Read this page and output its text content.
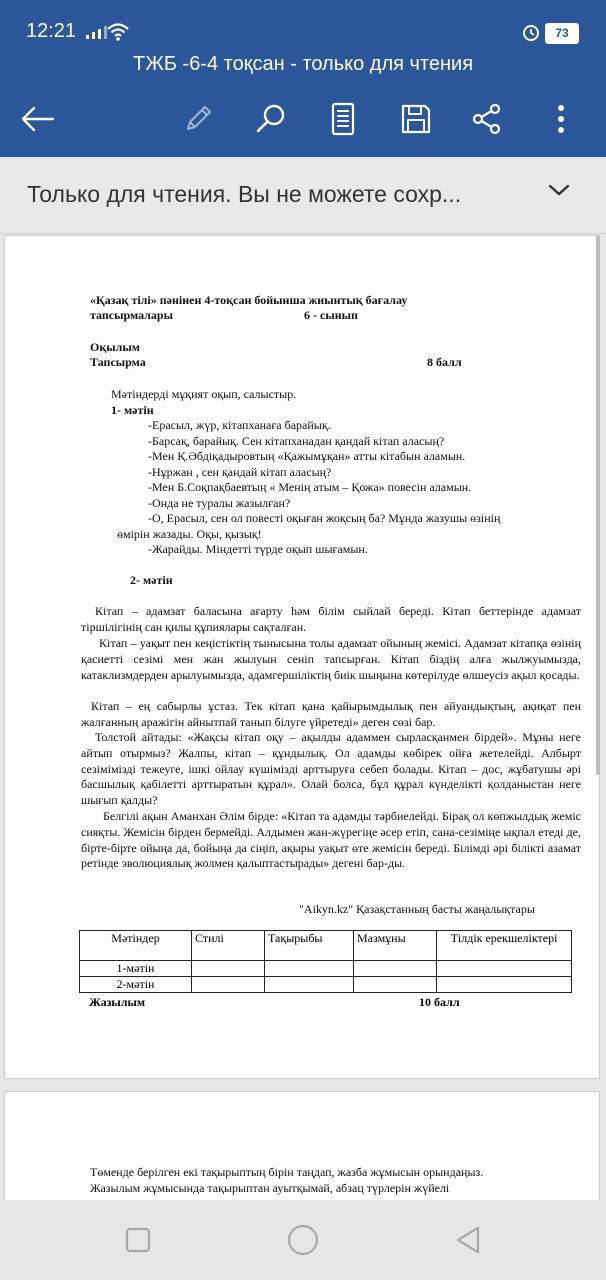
12:21	73
ТЖБ -6-4 тоқсан - только для чтения
Только для чтения. Вы не можете сохр...
«Қазақ тілі» пәнінен 4-тоқсан бойынша жиынтық бағалау
тапсырмалары	6 - сынып
Оқылым
Тапсырма	8 балл
Мәтіндерді мұқият оқып, салыстыр.
1- мәтін
-Ерасыл, жүр, кітапханаға барайық.
-Барсақ, барайық. Сен кітапханадан қандай кітап аласың?
-Мен Қ.Әбдіқадыровтың «Қажымұқан» атты кітабын аламын.
-Нұржан , сен қандай кітап аласың?
-Мен Б.Соқпақбаевтың « Менің атым – Қожа» повесін аламын.
-Онда не туралы жазылған?
-О, Ерасыл, сен ол повесті оқыған жоқсың ба? Мұнда жазушы өзінің
өмірін жазады. Оқы, қызық!
-Жарайды. Міндетті түрде оқып шығамын.
2- мәтін
Кітап – адамзат баласына ағарту һәм білім сыйлай береді. Кітап беттерінде адамзат тіршілігінің сан қилы құпиялары сақталған.
Кітап – уақыт пен кеңістіктің тынысына толы адамзат ойының жемісі. Адамзат кітапқа өзінің қасиетті сезімі мен жан жылуын сеніп тапсырған. Кітап біздің алға жылжуымызда, катаклизмдерден арылуымызда, адамгершіліктің биік шыңына көтерілуде өлшеусіз ақыл қосады.
Кітап – ең сабырлы ұстаз. Тек кітап қана қайырымдылық пен айуандықтың, ақиқат пен жалғанның аражігін айнытпай танып білуге үйретеді» деген сөзі бар.
Толстой айтады: «Жақсы кітап оқу – ақылды адаммен сырласқанмен бірдей». Мұны неге айтып отырмыз? Жалпы, кітап – құндылық. Ол адамды көбірек ойға жетелейді. Албырт сезімімізді тежеуге, ішкі ойлау күшімізді арттыруға себеп болады. Кітап – дос, жұбатушы әрі басшылық қабілетті арттыратын құрал». Олай болса, бұл құрал күнделікті қолданыстан неге шығып қалды?
Белгілі ақын Аманхан Әлім бірде: «Кітап та адамды тәрбиелейді. Бірақ ол көпжылдық жеміс сияқты. Жемісін бірден бермейді. Алдымен жан-жүрегіңе әсер етіп, сана-сезіміңе ықпал етеді де, біртe-біртe ойыңа да, бойыңа да сіңіп, ақыры уақыт өте жемісін береді. Білімді әрі білікті азамат ретінде эволюциялық жолмен қалыптастырады» дегені бар-ды.
"Aikyn.kz" Қазақстанның басты жаңалықтары
Мәтіндер	Стилі	Тақырыбы	Мазмұны	Тілдік ерекшеліктері
1-мәтін				
2-мәтін				
Жазылым	10 балл
Төменде берілген екі тақырыптың бірін таңдап, жазба жұмысын орындаңыз.
Жазылым жұмысында тақырыптан ауытқымай, абзац түрлерін жүйелі
